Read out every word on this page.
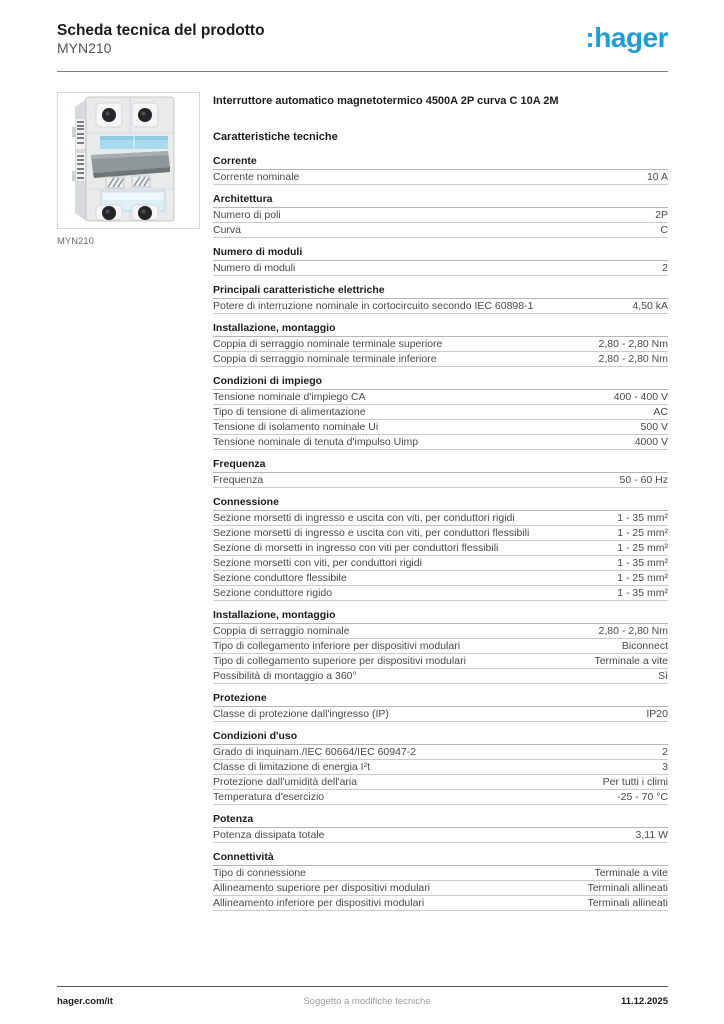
Scheda tecnica del prodotto
MYN210	:hager
MYN210
Interruttore automatico magnetotermico 4500A 2P curva C 10A 2M
Caratteristiche tecniche
Corrente
Corrente nominale	10 A
Architettura
Numero di poli	2P
Curva	C
Numero di moduli
Numero di moduli	2
Principali caratteristiche elettriche
Potere di interruzione nominale in cortocircuito secondo IEC 60898-1	4,50 kA
Installazione, montaggio
Coppia di serraggio nominale terminale superiore	2,80 - 2,80 Nm
Coppia di serraggio nominale terminale inferiore	2,80 - 2,80 Nm
Condizioni di impiego
Tensione nominale d'impiego CA	400 - 400 V
Tipo di tensione di alimentazione	AC
Tensione di isolamento nominale Ui	500 V
Tensione nominale di tenuta d'impulso Uimp	4000 V
Frequenza
Frequenza	50 - 60 Hz
Connessione
Sezione morsetti di ingresso e uscita con viti, per conduttori rigidi	1 - 35 mm²
Sezione morsetti di ingresso e uscita con viti, per conduttori flessibili	1 - 25 mm²
Sezione di morsetti in ingresso con viti per conduttori flessibili	1 - 25 mm²
Sezione morsetti con viti, per conduttori rigidi	1 - 35 mm²
Sezione conduttore flessibile	1 - 25 mm²
Sezione conduttore rigido	1 - 35 mm²
Installazione, montaggio
Coppia di serraggio nominale	2,80 - 2,80 Nm
Tipo di collegamento inferiore per dispositivi modulari	Biconnect
Tipo di collegamento superiore per dispositivi modulari	Terminale a vite
Possibilità di montaggio a 360°	Sì
Protezione
Classe di protezione dall'ingresso (IP)	IP20
Condizioni d'uso
Grado di inquinam./IEC 60664/IEC 60947-2	2
Classe di limitazione di energia I²t	3
Protezione dall'umidità dell'aria	Per tutti i climi
Temperatura d'esercizio	-25 - 70 °C
Potenza
Potenza dissipata totale	3,11 W
Connettività
Tipo di connessione	Terminale a vite
Allineamento superiore per dispositivi modulari	Terminali allineati
Allineamento inferiore per dispositivi modulari	Terminali allineati
hager.com/it	Soggetto a modifiche tecniche	11.12.2025
